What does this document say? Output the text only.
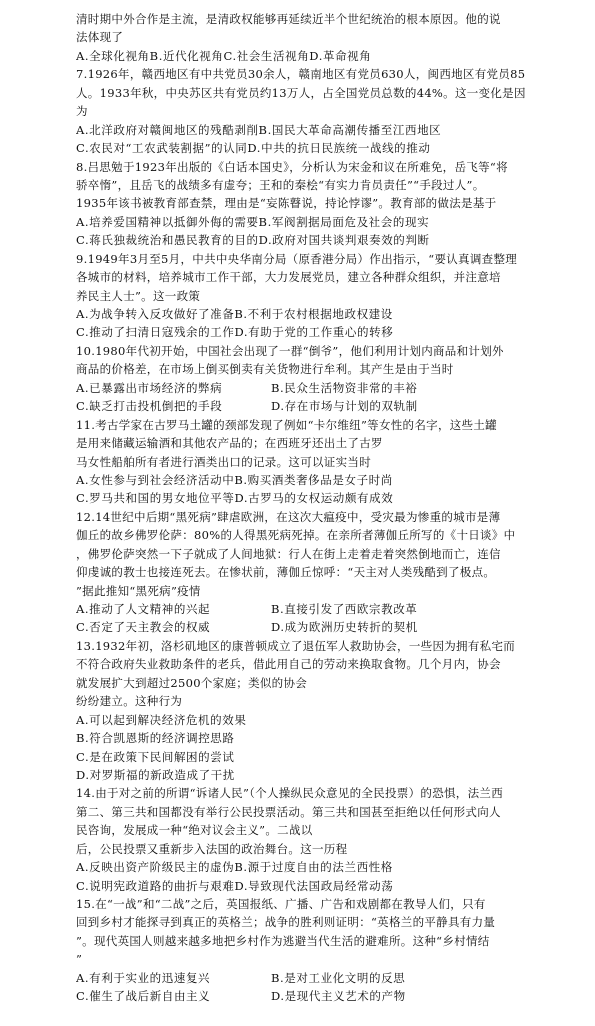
清时期中外合作是主流，是清政权能够再延续近半个世纪统治的根本原因。他的说
法体现了
A.全球化视角B.近代化视角C.社会生活视角D.革命视角
7.1926年，赣西地区有中共党员30余人，赣南地区有党员630人，闽西地区有党员85
人。1933年秋，中央苏区共有党员约13万人，占全国党员总数的44%。这一变化是因
为
A.北洋政府对赣闽地区的残酷剥削B.国民大革命高潮传播至江西地区
C.农民对“工农武装割据”的认同D.中共的抗日民族统一战线的推动
8.吕思勉于1923年出版的《白话本国史》，分析认为宋金和议在所难免，岳飞等“将
骄卒惰”，且岳飞的战绩多有虚夸；王和的秦桧“有实力肯员责任”“手段过人”。
1935年该书被教育部查禁，理由是“妄陈瞽说，持论悖谬”。教育部的做法是基于
A.培养爱国精神以抵御外侮的需要B.军阀割据局面危及社会的现实
C.蒋氏独裁统治和愚民教育的目的D.政府对国共谈判艰奏效的判断
9.1949年3月至5月，中共中央华南分局（原香港分局）作出指示，“要认真调查整理
各城市的材料，培养城市工作干部，大力发展党员，建立各种群众组织，并注意培
养民主人士”。这一政策
A.为战争转入反攻做好了准备B.不利于农村根据地政权建设
C.推动了扫清日寇残余的工作D.有助于党的工作重心的转移
10.1980年代初开始，中国社会出现了一群“倒爷”，他们利用计划内商品和计划外
商品的价格差，在市场上倒买倒卖有关货物进行牟利。其产生是由于当时
A.已暴露出市场经济的弊病	B.民众生活物资非常的丰裕
C.缺乏打击投机倒把的手段	D.存在市场与计划的双轨制
11.考古学家在古罗马土罐的颈部发现了例如“卡尔维纽”等女性的名字，这些土罐
是用来储藏运输酒和其他农产品的；在西班牙还出土了古罗
马女性船舶所有者进行酒类出口的记录。这可以证实当时
A.女性参与到社会经济活动中B.购买酒类奢侈品是女子时尚
C.罗马共和国的男女地位平等D.古罗马的女权运动颇有成效
12.14世纪中后期“黑死病”肆虐欧洲，在这次大瘟疫中，受灾最为惨重的城市是薄
伽丘的故乡佛罗伦萨：80%的人得黑死病死掉。在亲所者薄伽丘所写的《十日谈》中
，佛罗伦萨突然一下子就成了人间地狱：行人在街上走着走着突然倒地而亡，连信
仰虔诚的教士也接连死去。在惨状前，薄伽丘惊呼：“天主对人类残酷到了极点。
”据此推知“黑死病”疫情
A.推动了人文精神的兴起	B.直接引发了西欧宗教改革
C.否定了天主教会的权威	D.成为欧洲历史转折的契机
13.1932年初，洛杉矶地区的康普顿成立了退伍军人救助协会，一些因为拥有私宅而
不符合政府失业救助条件的老兵，借此用自己的劳动来换取食物。几个月内，协会
就发展扩大到超过2500个家庭；类似的协会
纷纷建立。这种行为
A.可以起到解决经济危机的效果
B.符合凯恩斯的经济调控思路
C.是在政策下民间解困的尝试
D.对罗斯福的新政造成了干扰
14.由于对之前的所谓“诉诸人民”（个人操纵民众意见的全民投票）的恐惧，法兰西
第二、第三共和国都没有举行公民投票活动。第三共和国甚至拒绝以任何形式向人
民咨询，发展成一种“绝对议会主义”。二战以
后，公民投票又重新步入法国的政治舞台。这一历程
A.反映出资产阶级民主的虚伪B.源于过度自由的法兰西性格
C.说明宪政道路的曲折与艰难D.导致现代法国政局经常动荡
15.在“一战”和“二战”之后，英国报纸、广播、广告和戏剧都在教导人们，只有
回到乡村才能探寻到真正的英格兰；战争的胜利则证明：“英格兰的平静具有力量
”。现代英国人则越来越多地把乡村作为逃避当代生活的避难所。这种“乡村情结
”
A.有利于实业的迅速复兴	B.是对工业化文明的反思
C.催生了战后新自由主义	D.是现代主义艺术的产物
